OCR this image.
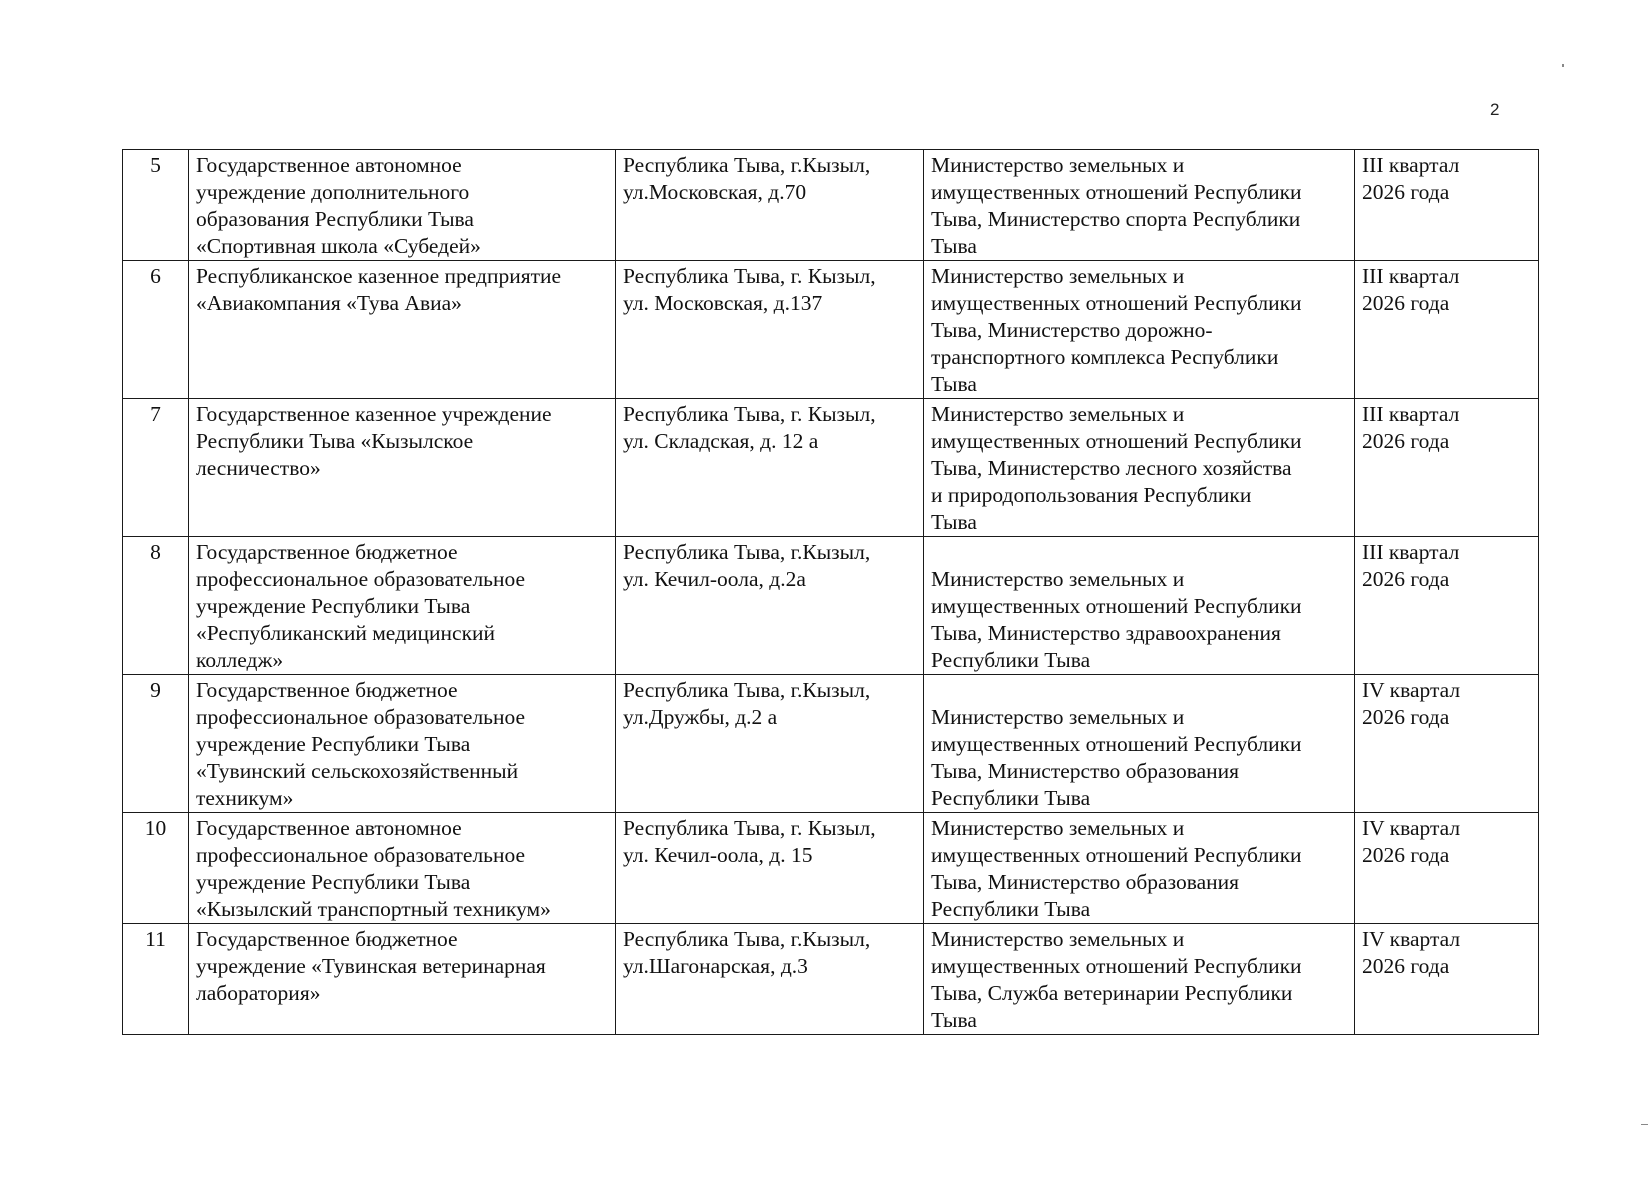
2
5	Государственное автономное
учреждение дополнительного
образования Республики Тыва
«Спортивная школа «Субедей»	Республика Тыва, г.Кызыл,
ул.Московская, д.70	Министерство земельных и
имущественных отношений Республики
Тыва, Министерство спорта Республики
Тыва	III квартал
2026 года

6	Республиканское казенное предприятие
«Авиакомпания «Тува Авиа»	Республика Тыва, г. Кызыл,
ул. Московская, д.137	Министерство земельных и
имущественных отношений Республики
Тыва, Министерство дорожно-
транспортного комплекса Республики
Тыва	III квартал
2026 года

7	Государственное казенное учреждение
Республики Тыва «Кызылское
лесничество»	Республика Тыва, г. Кызыл,
ул. Складская, д. 12 а	Министерство земельных и
имущественных отношений Республики
Тыва, Министерство лесного хозяйства
и природопользования Республики
Тыва	III квартал
2026 года

8	Государственное бюджетное
профессиональное образовательное
учреждение Республики Тыва
«Республиканский медицинский
колледж»	Республика Тыва, г.Кызыл,
ул. Кечил-оола, д.2а	Министерство земельных и
имущественных отношений Республики
Тыва, Министерство здравоохранения
Республики Тыва	III квартал
2026 года

9	Государственное бюджетное
профессиональное образовательное
учреждение Республики Тыва
«Тувинский сельскохозяйственный
техникум»	Республика Тыва, г.Кызыл,
ул.Дружбы, д.2 а	Министерство земельных и
имущественных отношений Республики
Тыва, Министерство образования
Республики Тыва	IV квартал
2026 года

10	Государственное автономное
профессиональное образовательное
учреждение Республики Тыва
«Кызылский транспортный техникум»	Республика Тыва, г. Кызыл,
ул. Кечил-оола, д. 15	Министерство земельных и
имущественных отношений Республики
Тыва, Министерство образования
Республики Тыва	IV квартал
2026 года

11	Государственное бюджетное
учреждение «Тувинская ветеринарная
лаборатория»	Республика Тыва, г.Кызыл,
ул.Шагонарская, д.3	Министерство земельных и
имущественных отношений Республики
Тыва, Служба ветеринарии Республики
Тыва	IV квартал
2026 года
